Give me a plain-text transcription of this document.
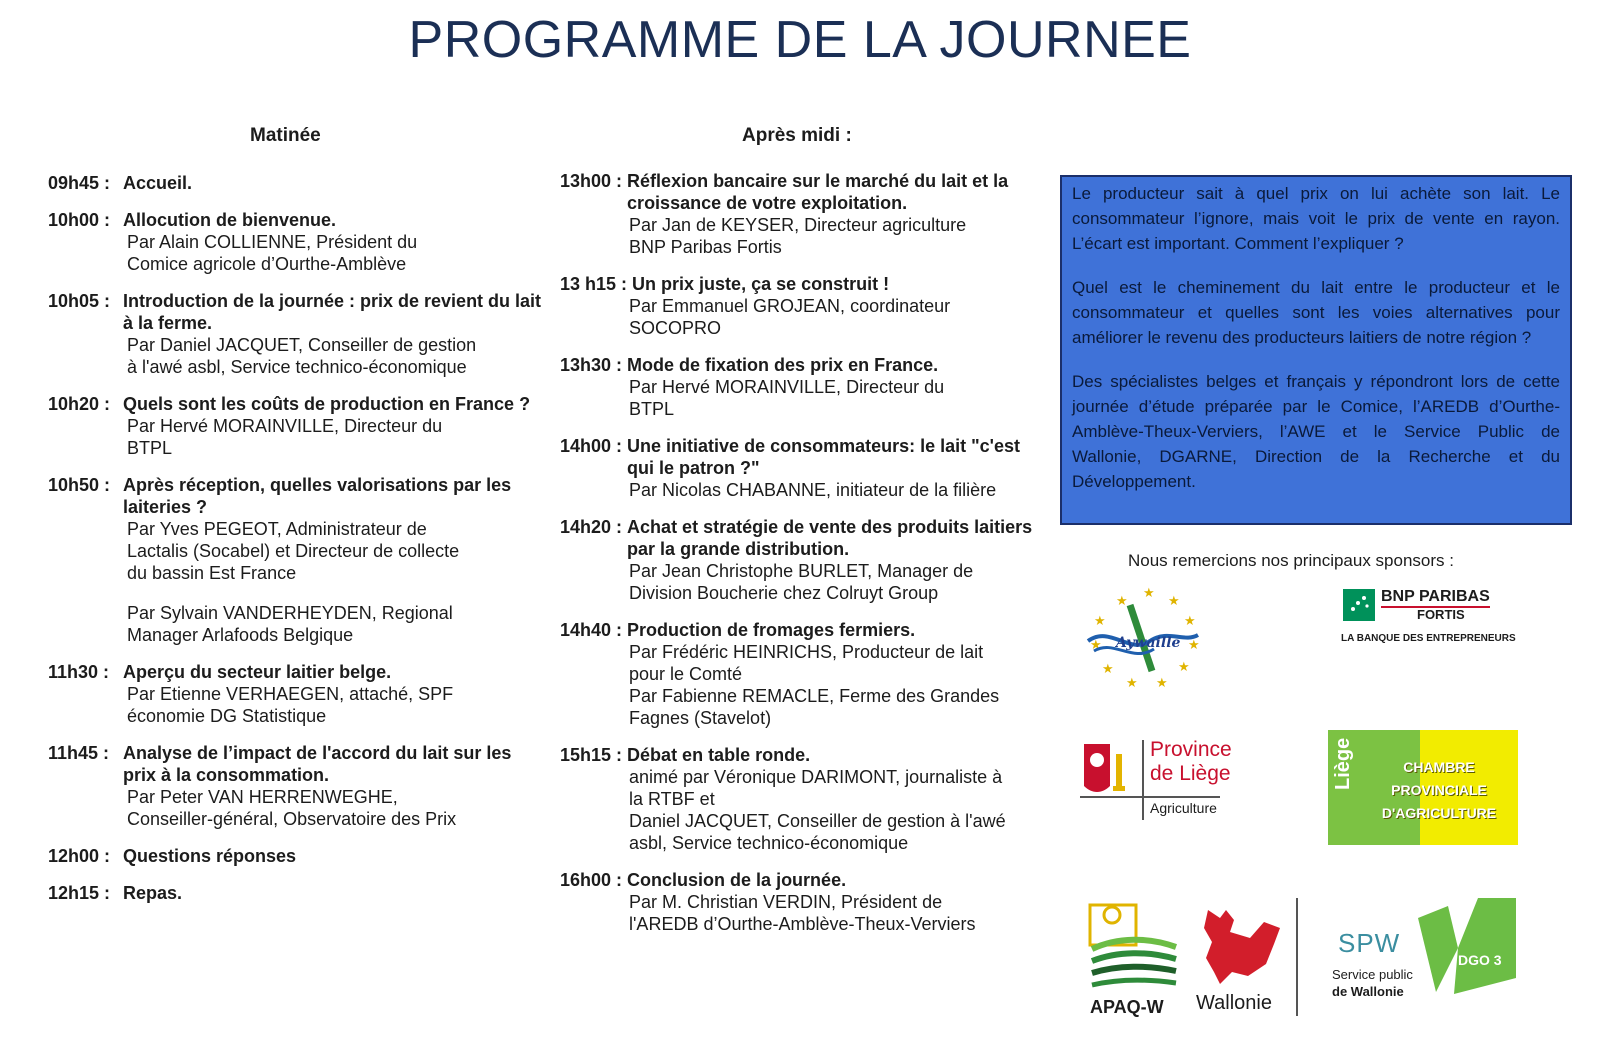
PROGRAMME DE LA JOURNEE
Matinée	Après midi :
09h45 : Accueil.
10h00 : Allocution de bienvenue.
Par Alain COLLIENNE, Président du
Comice agricole d’Ourthe-Amblève
10h05 : Introduction de la journée : prix de revient du lait à la ferme.
Par Daniel JACQUET, Conseiller de gestion
à l'awé asbl, Service technico-économique
10h20 : Quels sont les coûts de production en France ?
Par Hervé MORAINVILLE, Directeur du
BTPL
10h50 : Après réception, quelles valorisations par les laiteries ?
Par Yves PEGEOT, Administrateur de
Lactalis (Socabel) et Directeur de collecte
du bassin Est France
Par Sylvain VANDERHEYDEN, Regional
Manager Arlafoods Belgique
11h30 : Aperçu du secteur laitier belge.
Par Etienne VERHAEGEN, attaché, SPF
économie DG Statistique
11h45 : Analyse de l’impact de l'accord du lait sur les prix à la consommation.
Par Peter VAN HERRENWEGHE,
Conseiller-général, Observatoire des Prix
12h00 : Questions réponses
12h15 : Repas.
13h00 : Réflexion bancaire sur le marché du lait et la croissance de votre exploitation.
Par Jan de KEYSER, Directeur agriculture
BNP Paribas Fortis
13 h15 : Un prix juste, ça se construit !
Par Emmanuel GROJEAN, coordinateur
SOCOPRO
13h30 : Mode de fixation des prix en France.
Par Hervé MORAINVILLE, Directeur du
BTPL
14h00 : Une initiative de consommateurs: le lait "c'est qui le patron ?"
Par Nicolas CHABANNE, initiateur de la filière
14h20 : Achat et stratégie de vente des produits laitiers par la grande distribution.
Par Jean Christophe BURLET, Manager de
Division Boucherie chez Colruyt Group
14h40 : Production de fromages fermiers.
Par Frédéric HEINRICHS, Producteur de lait
pour le Comté
Par Fabienne REMACLE, Ferme des Grandes
Fagnes (Stavelot)
15h15 : Débat en table ronde.
animé par Véronique DARIMONT, journaliste à
la RTBF et
Daniel JACQUET, Conseiller de gestion à l'awé
asbl, Service technico-économique
16h00 : Conclusion de la journée.
Par M. Christian VERDIN, Président de
l'AREDB d’Ourthe-Amblève-Theux-Verviers

Le producteur sait à quel prix on lui achète son lait. Le consommateur l’ignore, mais voit le prix de vente en rayon. L’écart est important. Comment l’expliquer ?

Quel est le cheminement du lait entre le producteur et le consommateur et quelles sont les voies alternatives pour améliorer le revenu des producteurs laitiers de notre région ?

Des spécialistes belges et français y répondront lors de cette journée d’étude préparée par le Comice, l’AREDB d’Ourthe-Amblève-Theux-Verviers, l’AWE et le Service Public de Wallonie, DGARNE, Direction de la Recherche et du Développement.

Nous remercions nos principaux sponsors :
★
★
★
★
★
★
★
★
★
★
★
Aywaille
BNP PARIBAS
FORTIS
LA BANQUE DES ENTREPRENEURS
Province
de Liège
Agriculture
Liège	CHAMBRE
PROVINCIALE
D'AGRICULTURE
APAQ-W Wallonie
SPW
Service public
de Wallonie
DGO 3
